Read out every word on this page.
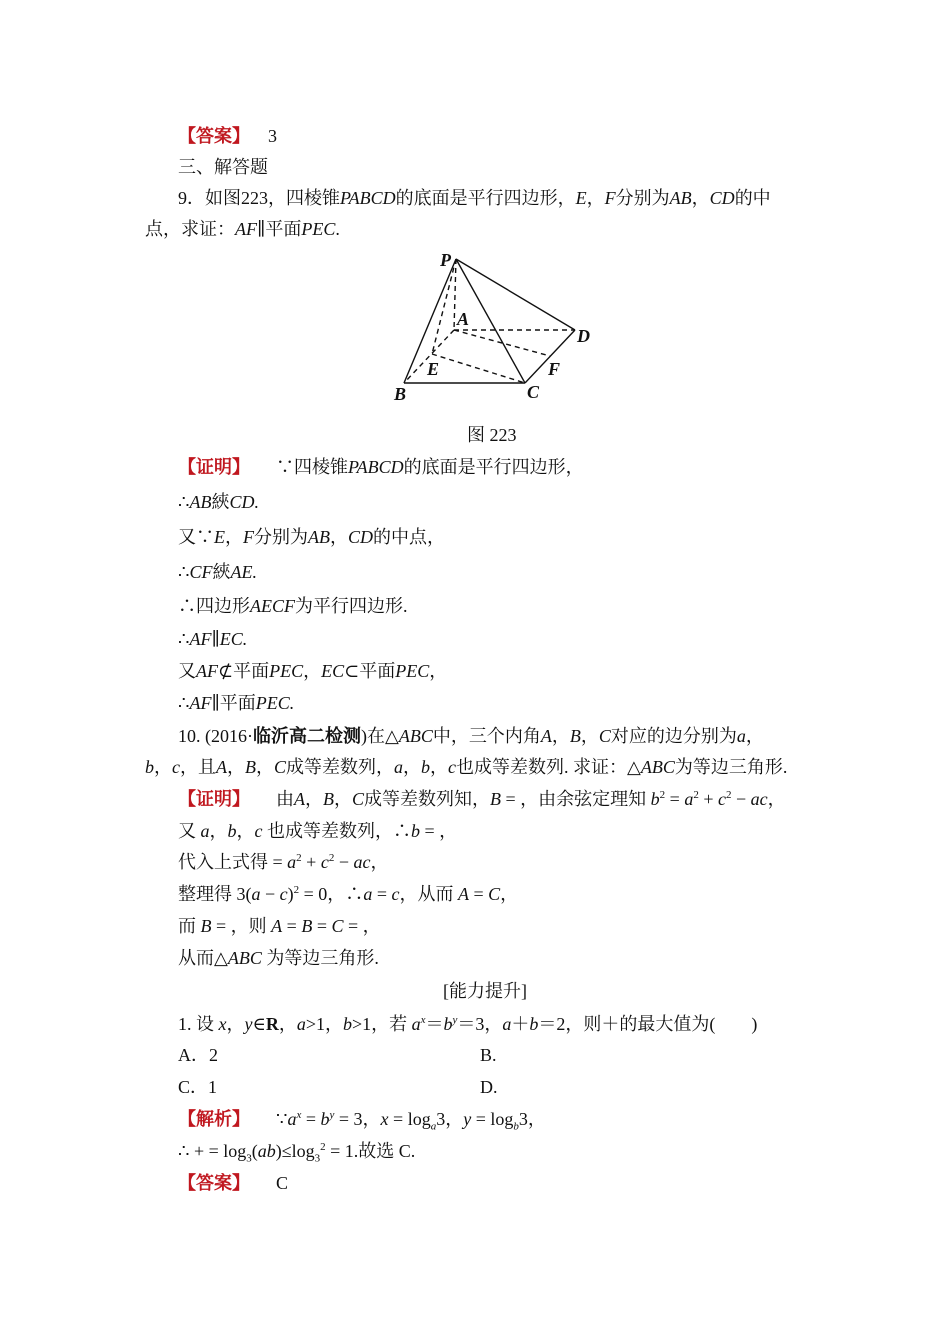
【答案】 3
三、解答题
9．如图223，四棱锥PABCD的底面是平行四边形，E，F分别为AB，CD的中
点，求证：AF∥平面PEC.
P
A
D
E	F
B	C
图 223
【证明】 ∵四棱锥PABCD的底面是平行四边形，
∴AB綊CD.
又∵E，F分别为AB，CD的中点，
∴CF綊AE.
∴四边形AECF为平行四边形.
∴AF∥EC.
又AF⊄平面PEC，EC⊂平面PEC，
∴AF∥平面PEC.
10. (2016·临沂高二检测)在△ABC中，三个内角A，B，C对应的边分别为a，
b，c，且A，B，C成等差数列，a，b，c也成等差数列. 求证：△ABC为等边三角形.
【证明】 由A，B，C成等差数列知，B = ，由余弦定理知 $b^2 = a^2 + c^2$ − ac，
又 a，b，c 也成等差数列，∴b = ，
代入上式得 = $a^2 + c^2$ − ac，
整理得 $3(a - c)^2 = 0$，∴a = c，从而 A = C，
而 B = ，则 A = B = C = ，
从而△ABC 为等边三角形.
[能力提升]
1. 设 x，y∈R，a>1，b>1，若 $a^x=b^y=3$，a＋b＝2，则＋的最大值为(　　)
A．2	B.
C．1	D.
【解析】 $\because a^x = b^y = 3$，$x = \log_a3$，$y = \log_b3$，
∴ + = $\log_3(ab)\le\log_3^2 = 1$.故选 C.
【答案】 C
